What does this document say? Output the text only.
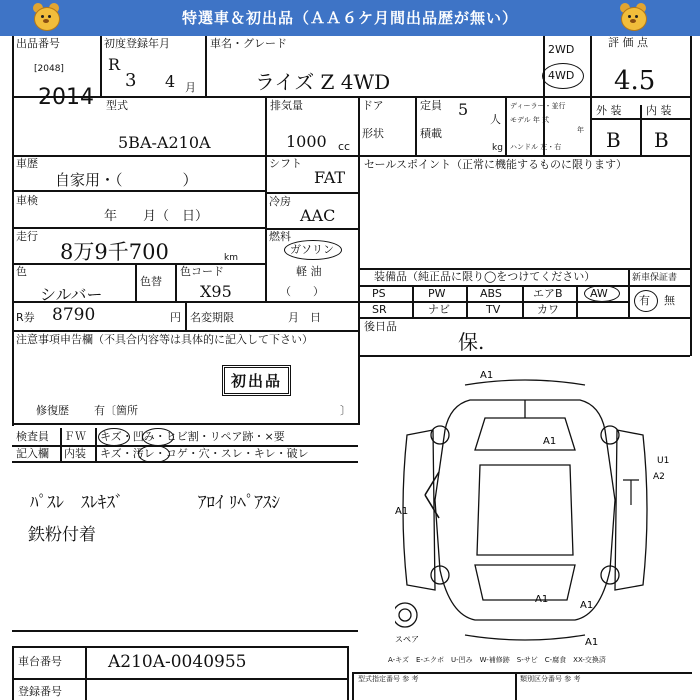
特選車＆初出品（ＡＡ６ケ月間出品歴が無い）
出品番号
[2048]
2014
初度登録年月
R
3 4 月
車名・グレード
ライズ Z 4WD
2WD
4WD
評 価 点
4.5
型式
5BA-A210A
排気量
1000 cc
ドア
形状
定員 5
人
積載
kg
ディーラー・並行
モデル 年 式
年
ハンドル 左・右
外 装 内 装
B B
車歴
自家用・（　　　　）
車検
年　　月（　日）
走行
8万9千700	km
色
シルバー
色替
色コード
X95
シフト
FAT
冷房
AAC
燃料
ガソリン
軽 油
（　　）
R券 8790	円 名変期限	月　日
注意事項申告欄（不具合内容等は具体的に記入して下さい）
初出品
修復歴 有〔箇所	〕
セールスポイント（正常に機能するものに限ります）
装備品（純正品に限り◯をつけてください）	新車保証書
PS	PW	ABS	エアB AW
SR	ナビ	TV	カワ
有 無
後日品
保.
検査員 ＦＷ キズ・凹み・ヒビ割・リペア跡・×要
記入欄 内装 キズ・汚レ・コゲ・穴・スレ・キレ・破レ
ﾊﾟｽﾚ　ｽﾚｷｽﾞ	ｱﾛｲ ﾘﾍﾟｱｽｼ
鉄粉付着
A1
A1
A1
A1
A1
A1
U1
A2
スペア
A-キズ　E-エクボ　U-凹み　W-補修跡　S-サビ　C-腐食　XX-交換済
車台番号	A210A-0040955
登録番号
型式指定番号 参 考	類別区分番号 参 考
